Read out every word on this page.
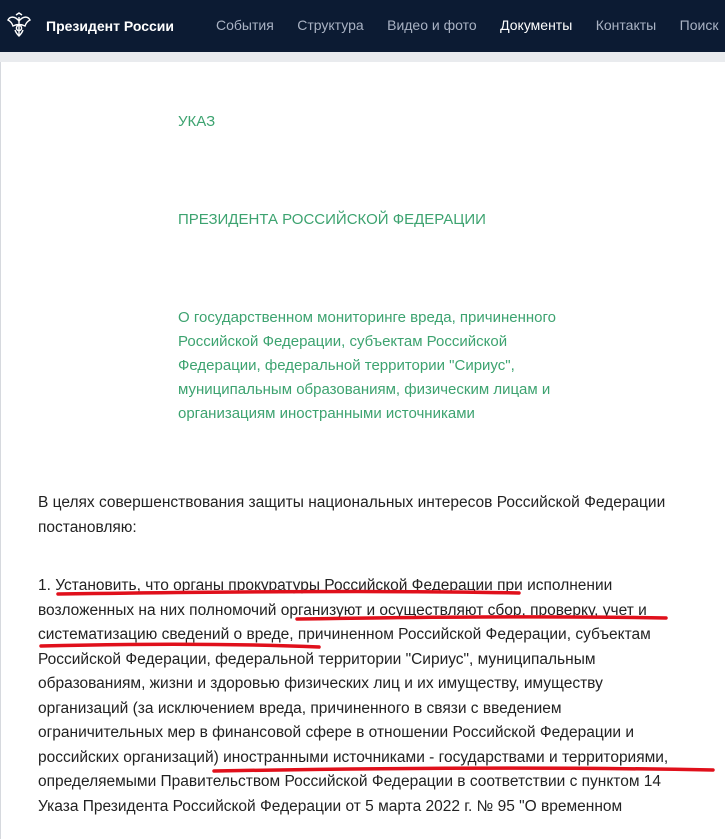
Президент России	События Структура Видео и фото Документы Контакты Поиск
УКАЗ
ПРЕЗИДЕНТА РОССИЙСКОЙ ФЕДЕРАЦИИ
О государственном мониторинге вреда, причиненного
Российской Федерации, субъектам Российской
Федерации, федеральной территории "Сириус",
муниципальным образованиям, физическим лицам и
организациям иностранными источниками
В целях совершенствования защиты национальных интересов Российской Федерации
постановляю:
1. Установить, что органы прокуратуры Российской Федерации при исполнении
возложенных на них полномочий организуют и осуществляют сбор, проверку, учет и
систематизацию сведений о вреде, причиненном Российской Федерации, субъектам
Российской Федерации, федеральной территории "Сириус", муниципальным
образованиям, жизни и здоровью физических лиц и их имуществу, имуществу
организаций (за исключением вреда, причиненного в связи с введением
ограничительных мер в финансовой сфере в отношении Российской Федерации и
российских организаций) иностранными источниками - государствами и территориями,
определяемыми Правительством Российской Федерации в соответствии с пунктом 14
Указа Президента Российской Федерации от 5 марта 2022 г. № 95 "О временном
